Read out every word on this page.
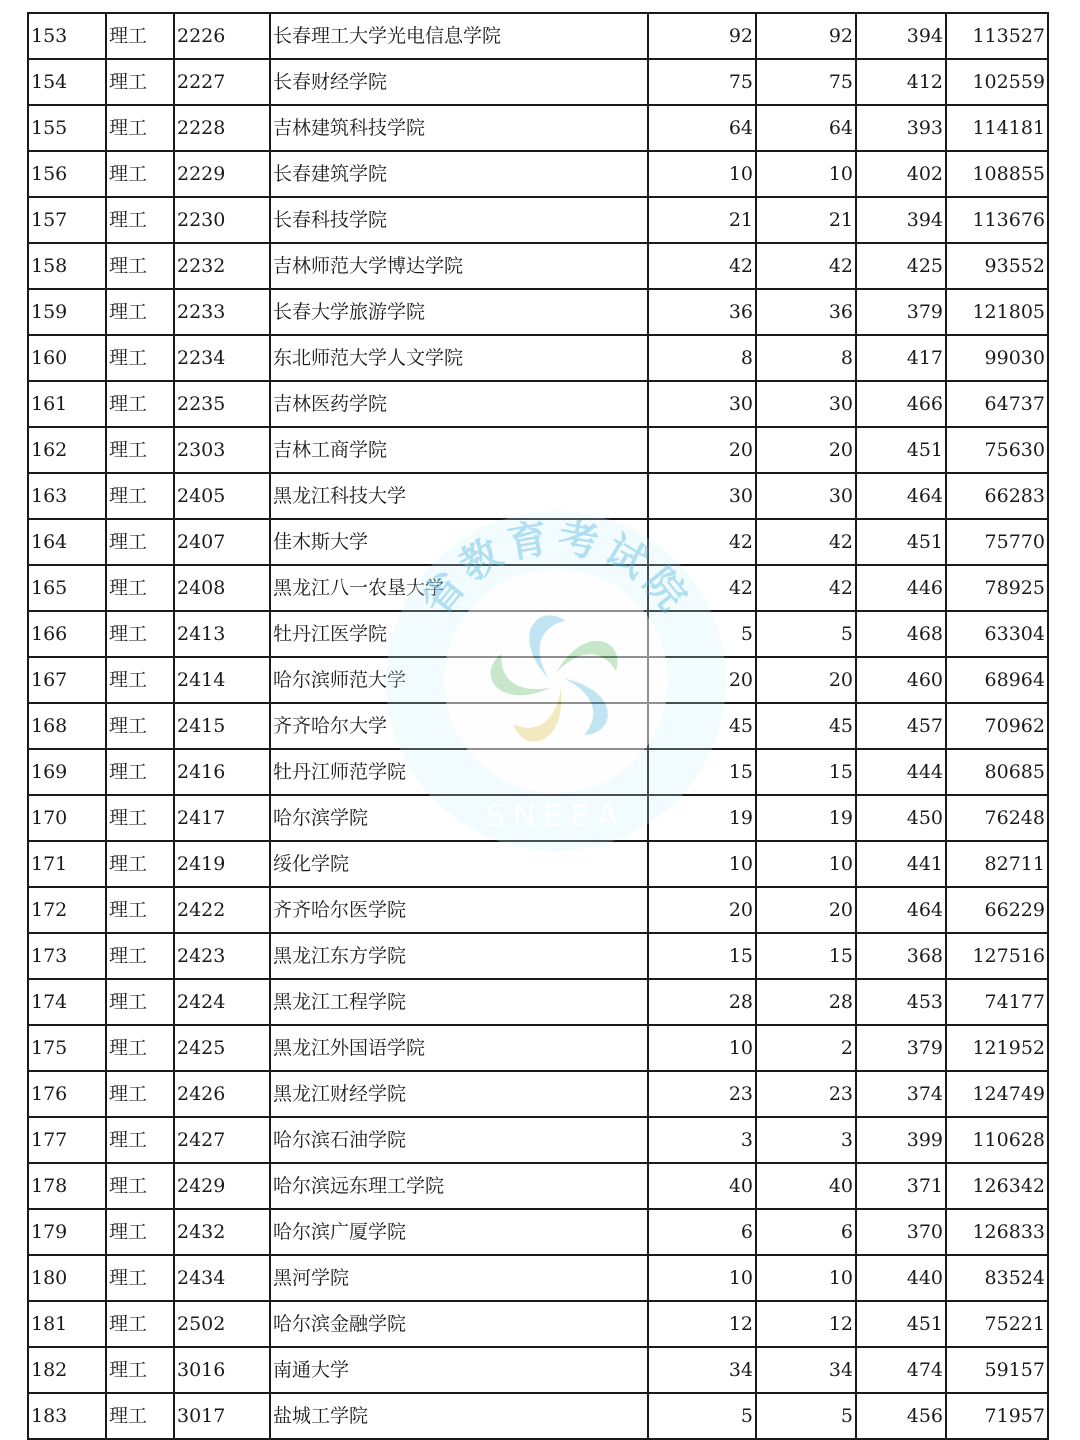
153	理工	2226	长春理工大学光电信息学院	92	92	394	113527
154	理工	2227	长春财经学院	75	75	412	102559
155	理工	2228	吉林建筑科技学院	64	64	393	114181
156	理工	2229	长春建筑学院	10	10	402	108855
157	理工	2230	长春科技学院	21	21	394	113676
158	理工	2232	吉林师范大学博达学院	42	42	425	93552
159	理工	2233	长春大学旅游学院	36	36	379	121805
160	理工	2234	东北师范大学人文学院	8	8	417	99030
161	理工	2235	吉林医药学院	30	30	466	64737
162	理工	2303	吉林工商学院	20	20	451	75630
163	理工	2405	黑龙江科技大学	30	30	464	66283
164	理工	2407	佳木斯大学	42	42	451	75770
165	理工	2408	黑龙江八一农垦大学	42	42	446	78925
166	理工	2413	牡丹江医学院	5	5	468	63304
167	理工	2414	哈尔滨师范大学	20	20	460	68964
168	理工	2415	齐齐哈尔大学	45	45	457	70962
169	理工	2416	牡丹江师范学院	15	15	444	80685
170	理工	2417	哈尔滨学院	19	19	450	76248
171	理工	2419	绥化学院	10	10	441	82711
172	理工	2422	齐齐哈尔医学院	20	20	464	66229
173	理工	2423	黑龙江东方学院	15	15	368	127516
174	理工	2424	黑龙江工程学院	28	28	453	74177
175	理工	2425	黑龙江外国语学院	10	2	379	121952
176	理工	2426	黑龙江财经学院	23	23	374	124749
177	理工	2427	哈尔滨石油学院	3	3	399	110628
178	理工	2429	哈尔滨远东理工学院	40	40	371	126342
179	理工	2432	哈尔滨广厦学院	6	6	370	126833
180	理工	2434	黑河学院	10	10	440	83524
181	理工	2502	哈尔滨金融学院	12	12	451	75221
182	理工	3016	南通大学	34	34	474	59157
183	理工	3017	盐城工学院	5	5	456	71957
省教育考试院
SNEEA
